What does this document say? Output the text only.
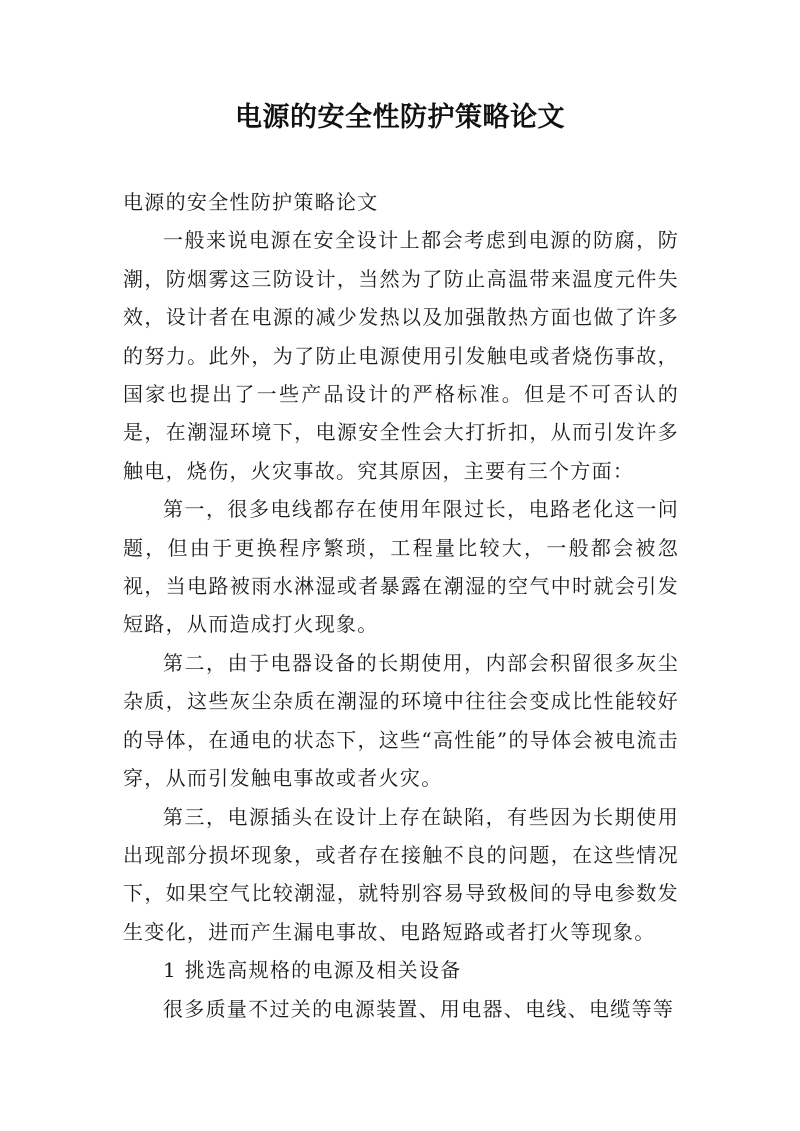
电源的安全性防护策略论文

电源的安全性防护策略论文

一般来说电源在安全设计上都会考虑到电源的防腐，防潮，防烟雾这三防设计，当然为了防止高温带来温度元件失效，设计者在电源的减少发热以及加强散热方面也做了许多的努力。此外，为了防止电源使用引发触电或者烧伤事故，国家也提出了一些产品设计的严格标准。但是不可否认的是，在潮湿环境下，电源安全性会大打折扣，从而引发许多触电，烧伤，火灾事故。究其原因，主要有三个方面：

第一，很多电线都存在使用年限过长，电路老化这一问题，但由于更换程序繁琐，工程量比较大，一般都会被忽视，当电路被雨水淋湿或者暴露在潮湿的空气中时就会引发短路，从而造成打火现象。

第二，由于电器设备的长期使用，内部会积留很多灰尘杂质，这些灰尘杂质在潮湿的环境中往往会变成比性能较好的导体，在通电的状态下，这些“高性能”的导体会被电流击穿，从而引发触电事故或者火灾。

第三，电源插头在设计上存在缺陷，有些因为长期使用出现部分损坏现象，或者存在接触不良的问题，在这些情况下，如果空气比较潮湿，就特别容易导致极间的导电参数发生变化，进而产生漏电事故、电路短路或者打火等现象。

1 挑选高规格的电源及相关设备

很多质量不过关的电源装置、用电器、电线、电缆等等
